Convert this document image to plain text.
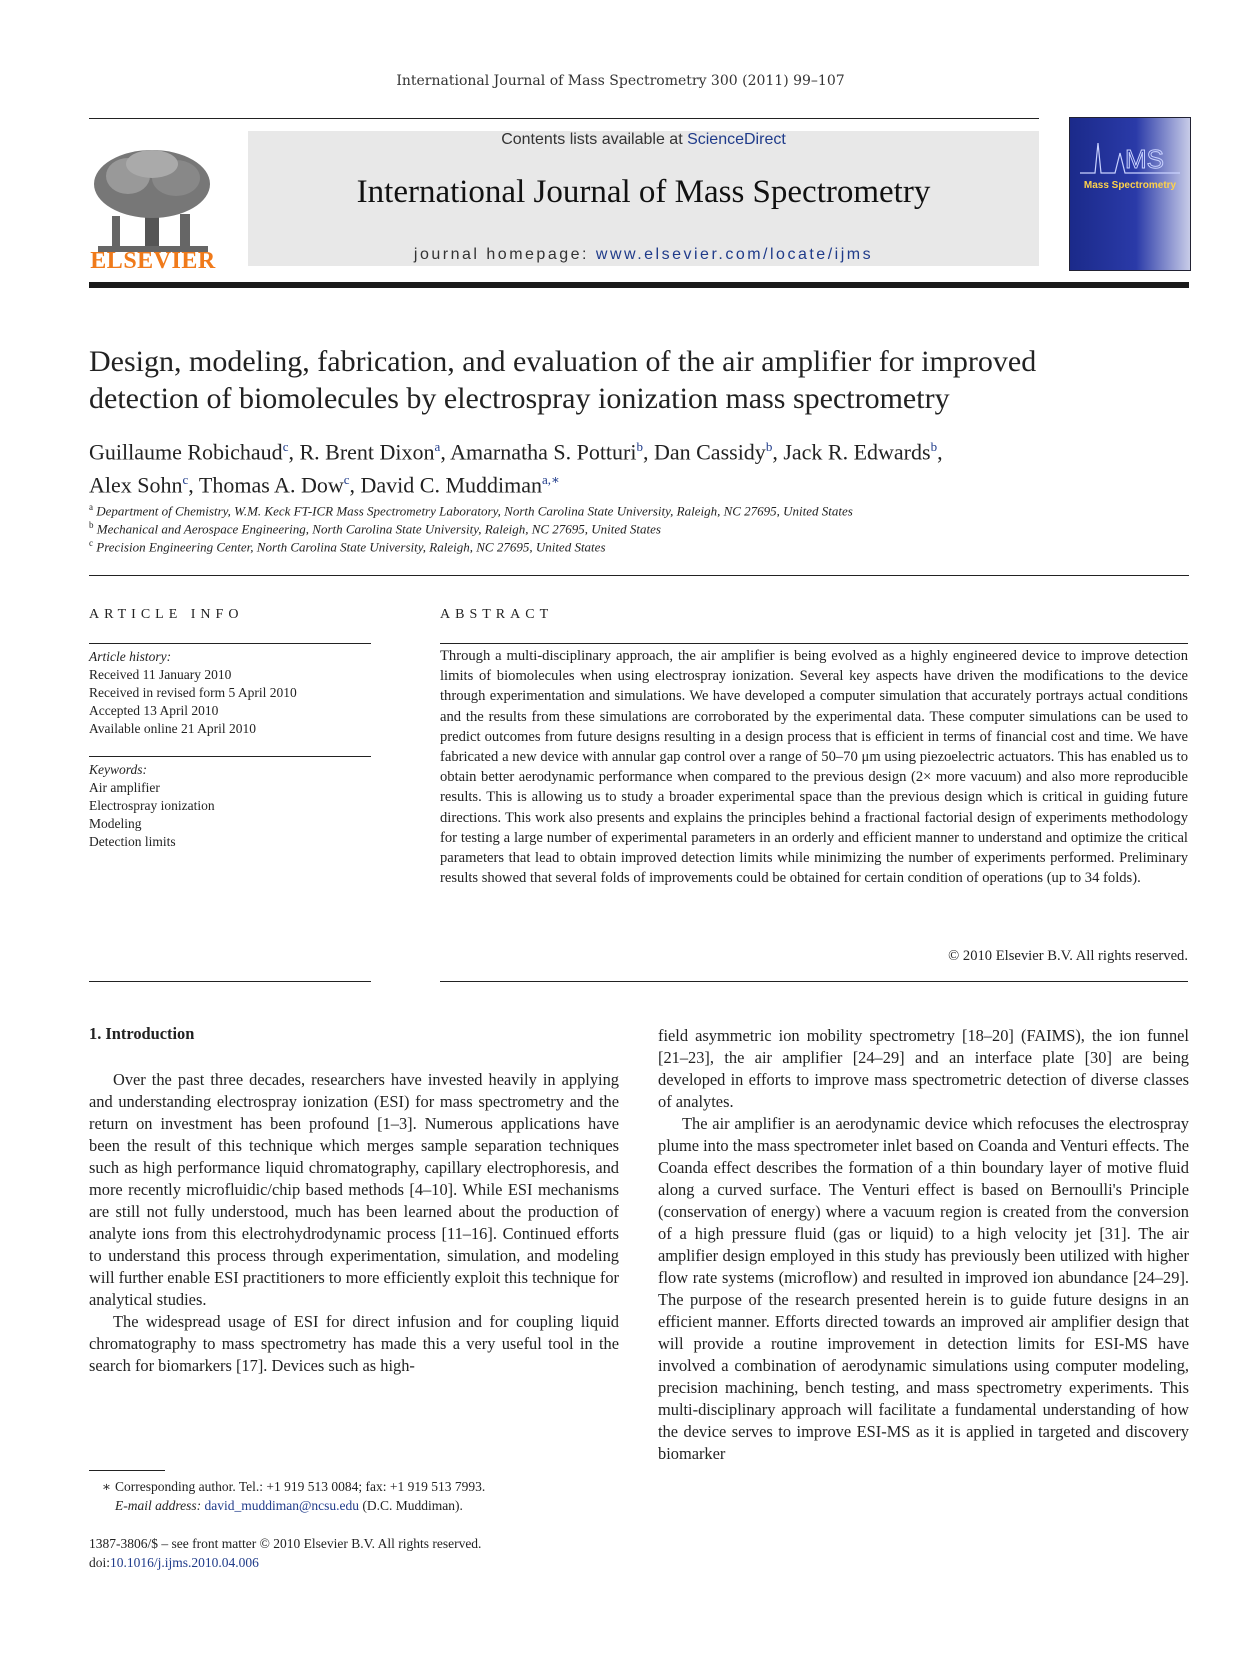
International Journal of Mass Spectrometry 300 (2011) 99–107
ELSEVIER
Contents lists available at ScienceDirect
International Journal of Mass Spectrometry
journal homepage: www.elsevier.com/locate/ijms
MS
Mass Spectrometry
Design, modeling, fabrication, and evaluation of the air amplifier for improved
detection of biomolecules by electrospray ionization mass spectrometry
Guillaume Robichaud$^c$, R. Brent Dixon$^a$, Amarnatha S. Potturi$^b$, Dan Cassidy$^b$, Jack R. Edwards$^b$,
Alex Sohn$^c$, Thomas A. Dow$^c$, David C. Muddiman$^{a,∗}$
$^a$ Department of Chemistry, W.M. Keck FT-ICR Mass Spectrometry Laboratory, North Carolina State University, Raleigh, NC 27695, United States
$^b$ Mechanical and Aerospace Engineering, North Carolina State University, Raleigh, NC 27695, United States
$^c$ Precision Engineering Center, North Carolina State University, Raleigh, NC 27695, United States
ARTICLE INFO
Article history:
Received 11 January 2010
Received in revised form 5 April 2010
Accepted 13 April 2010
Available online 21 April 2010
Keywords:
Air amplifier
Electrospray ionization
Modeling
Detection limits
ABSTRACT
Through a multi-disciplinary approach, the air amplifier is being evolved as a highly engineered device to improve detection limits of biomolecules when using electrospray ionization. Several key aspects have driven the modifications to the device through experimentation and simulations. We have developed a computer simulation that accurately portrays actual conditions and the results from these simulations are corroborated by the experimental data. These computer simulations can be used to predict outcomes from future designs resulting in a design process that is efficient in terms of financial cost and time. We have fabricated a new device with annular gap control over a range of 50–70 μm using piezoelectric actuators. This has enabled us to obtain better aerodynamic performance when compared to the previous design (2× more vacuum) and also more reproducible results. This is allowing us to study a broader experimental space than the previous design which is critical in guiding future directions. This work also presents and explains the principles behind a fractional factorial design of experiments methodology for testing a large number of experimental parameters in an orderly and efficient manner to understand and optimize the critical parameters that lead to obtain improved detection limits while minimizing the number of experiments performed. Preliminary results showed that several folds of improvements could be obtained for certain condition of operations (up to 34 folds).
© 2010 Elsevier B.V. All rights reserved.
1. Introduction

Over the past three decades, researchers have invested heavily in applying and understanding electrospray ionization (ESI) for mass spectrometry and the return on investment has been profound [1–3]. Numerous applications have been the result of this technique which merges sample separation techniques such as high performance liquid chromatography, capillary electrophoresis, and more recently microfluidic/chip based methods [4–10]. While ESI mechanisms are still not fully understood, much has been learned about the production of analyte ions from this electrohydrodynamic process [11–16]. Continued efforts to understand this process through experimentation, simulation, and modeling will further enable ESI practitioners to more efficiently exploit this technique for analytical studies.

The widespread usage of ESI for direct infusion and for coupling liquid chromatography to mass spectrometry has made this a very useful tool in the search for biomarkers [17]. Devices such as high-

field asymmetric ion mobility spectrometry [18–20] (FAIMS), the ion funnel [21–23], the air amplifier [24–29] and an interface plate [30] are being developed in efforts to improve mass spectrometric detection of diverse classes of analytes.

The air amplifier is an aerodynamic device which refocuses the electrospray plume into the mass spectrometer inlet based on Coanda and Venturi effects. The Coanda effect describes the formation of a thin boundary layer of motive fluid along a curved surface. The Venturi effect is based on Bernoulli's Principle (conservation of energy) where a vacuum region is created from the conversion of a high pressure fluid (gas or liquid) to a high velocity jet [31]. The air amplifier design employed in this study has previously been utilized with higher flow rate systems (microflow) and resulted in improved ion abundance [24–29]. The purpose of the research presented herein is to guide future designs in an efficient manner. Efforts directed towards an improved air amplifier design that will provide a routine improvement in detection limits for ESI-MS have involved a combination of aerodynamic simulations using computer modeling, precision machining, bench testing, and mass spectrometry experiments. This multi-disciplinary approach will facilitate a fundamental understanding of how the device serves to improve ESI-MS as it is applied in targeted and discovery biomarker

∗ Corresponding author. Tel.: +1 919 513 0084; fax: +1 919 513 7993.
E-mail address: david_muddiman@ncsu.edu (D.C. Muddiman).
1387-3806/$ – see front matter © 2010 Elsevier B.V. All rights reserved.
doi:10.1016/j.ijms.2010.04.006
